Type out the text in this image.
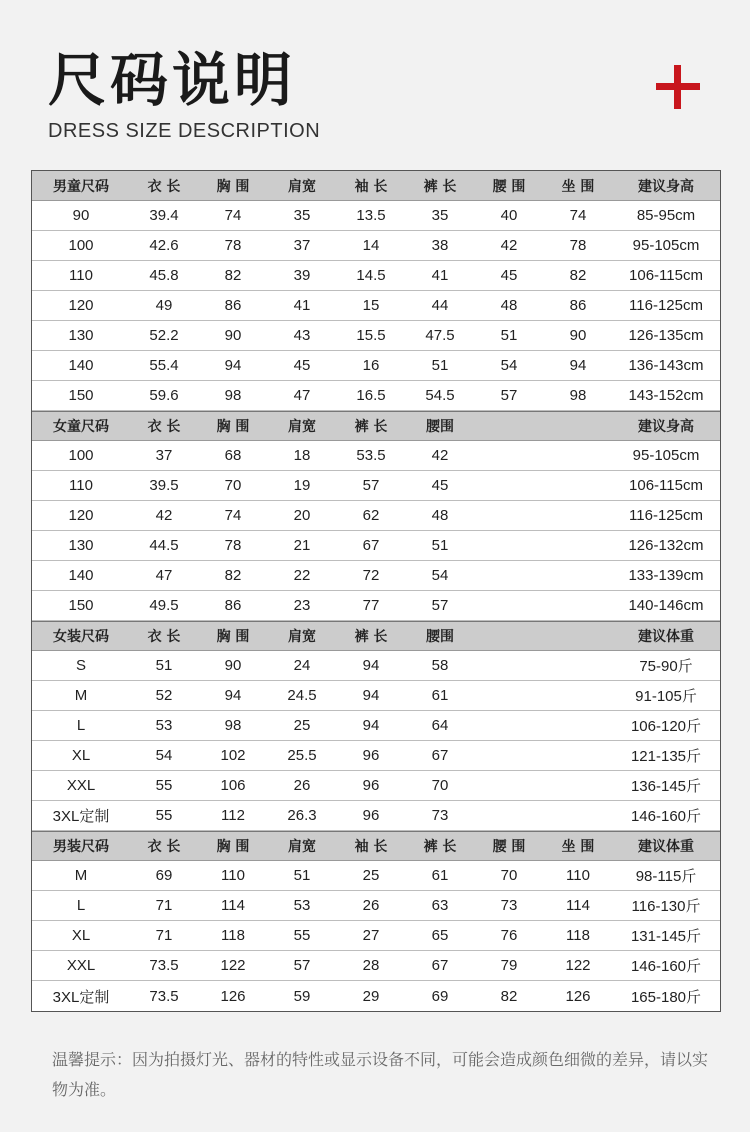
尺码说明
DRESS SIZE DESCRIPTION
男童尺码	衣 长	胸 围	肩宽	袖 长	裤 长	腰 围	坐 围	建议身高
90	39.4	74	35	13.5	35	40	74	85-95cm
100	42.6	78	37	14	38	42	78	95-105cm
110	45.8	82	39	14.5	41	45	82	106-115cm
120	49	86	41	15	44	48	86	116-125cm
130	52.2	90	43	15.5	47.5	51	90	126-135cm
140	55.4	94	45	16	51	54	94	136-143cm
150	59.6	98	47	16.5	54.5	57	98	143-152cm
女童尺码	衣 长	胸 围	肩宽	裤 长	腰围	建议身高
100	37	68	18	53.5	42	95-105cm
110	39.5	70	19	57	45	106-115cm
120	42	74	20	62	48	116-125cm
130	44.5	78	21	67	51	126-132cm
140	47	82	22	72	54	133-139cm
150	49.5	86	23	77	57	140-146cm
女装尺码	衣 长	胸 围	肩宽	裤 长	腰围	建议体重
S	51	90	24	94	58	75-90斤
M	52	94	24.5	94	61	91-105斤
L	53	98	25	94	64	106-120斤
XL	54	102	25.5	96	67	121-135斤
XXL	55	106	26	96	70	136-145斤
3XL定制	55	112	26.3	96	73	146-160斤
男装尺码	衣 长	胸 围	肩宽	袖 长	裤 长	腰 围	坐 围	建议体重
M	69	110	51	25	61	70	110	98-115斤
L	71	114	53	26	63	73	114	116-130斤
XL	71	118	55	27	65	76	118	131-145斤
XXL	73.5	122	57	28	67	79	122	146-160斤
3XL定制	73.5	126	59	29	69	82	126	165-180斤
温馨提示：因为拍摄灯光、器材的特性或显示设备不同，可能会造成颜色细微的差异，请以实物为准。
